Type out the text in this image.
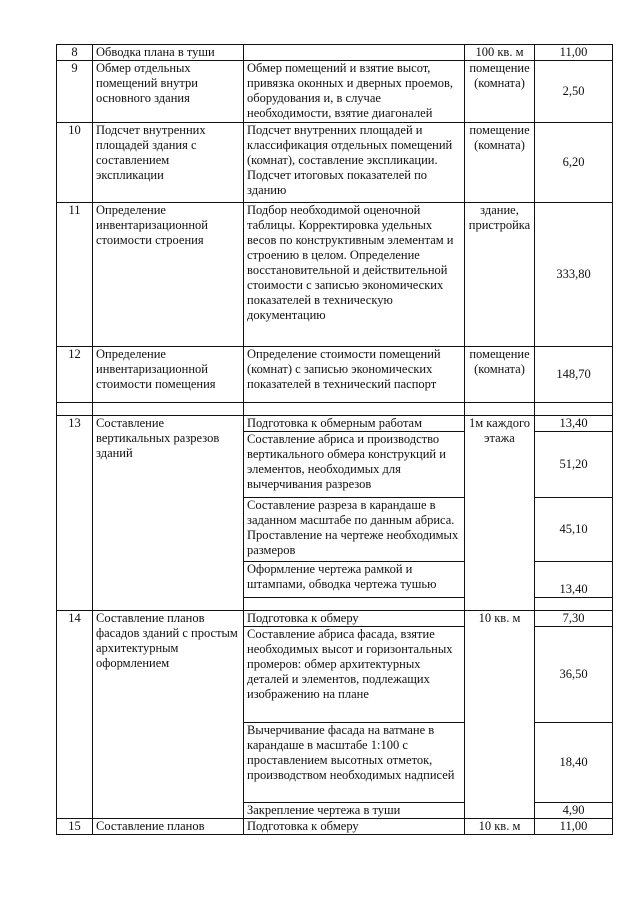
8	Обводка плана в туши		100 кв. м	11,00
9	Обмер отдельных помещений внутри основного здания	Обмер помещений и взятие высот, привязка оконных и дверных проемов, оборудования и, в случае необходимости, взятие диагоналей	помещение (комната)	2,50
10	Подсчет внутренних площадей здания с составлением экспликации	Подсчет внутренних площадей и классификация отдельных помещений (комнат), составление экспликации. Подсчет итоговых показателей по зданию	помещение (комната)	6,20
11	Определение инвентаризационной стоимости строения	Подбор необходимой оценочной таблицы. Корректировка удельных весов по конструктивным элементам и строению в целом. Определение восстановительной и действительной стоимости с записью экономических показателей в техническую документацию	здание, пристройка	333,80
12	Определение инвентаризационной стоимости помещения	Определение стоимости помещений (комнат) с записью экономических показателей в технический паспорт	помещение (комната)	148,70

13	Составление вертикальных разрезов зданий	Подготовка к обмерным работам	1м каждого этажа	13,40
		Составление абриса и производство вертикального обмера конструкций и элементов, необходимых для вычерчивания разрезов		51,20
		Составление разреза в карандаше в заданном масштабе по данным абриса. Проставление на чертеже необходимых размеров		45,10
		Оформление чертежа рамкой и штампами, обводка чертежа тушью		13,40

14	Составление планов фасадов зданий с простым архитектурным оформлением	Подготовка к обмеру	10 кв. м	7,30
		Составление абриса фасада, взятие необходимых высот и горизонтальных промеров: обмер архитектурных деталей и элементов, подлежащих изображению на плане		36,50
		Вычерчивание фасада на ватмане в карандаше в масштабе 1:100 с проставлением высотных отметок, производством необходимых надписей		18,40
		Закрепление чертежа в туши		4,90
15	Составление планов	Подготовка к обмеру	10 кв. м	11,00
